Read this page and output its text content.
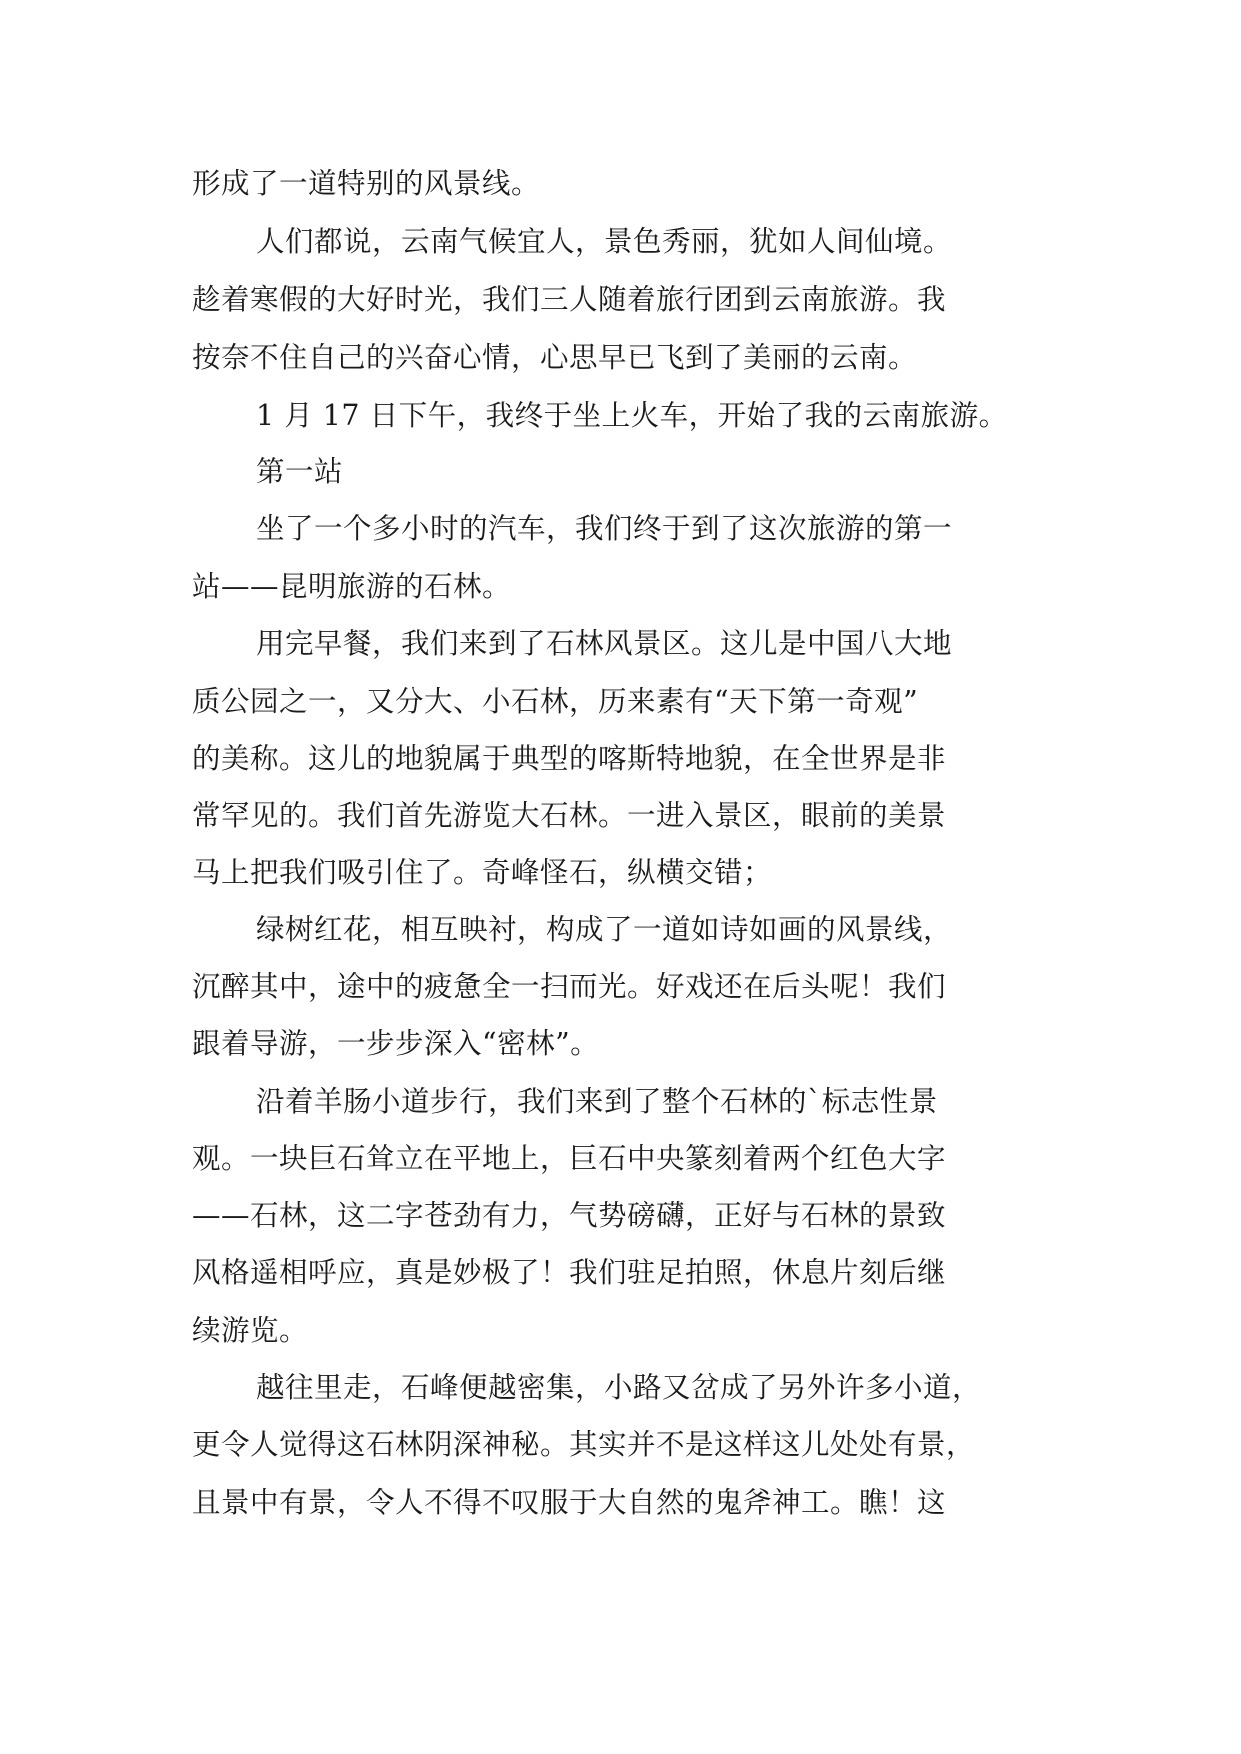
形成了一道特别的风景线。

人们都说，云南气候宜人，景色秀丽，犹如人间仙境。

趁着寒假的大好时光，我们三人随着旅行团到云南旅游。我

按奈不住自己的兴奋心情，心思早已飞到了美丽的云南。

1 月 17 日下午，我终于坐上火车，开始了我的云南旅游。

第一站

坐了一个多小时的汽车，我们终于到了这次旅游的第一

站——昆明旅游的石林。

用完早餐，我们来到了石林风景区。这儿是中国八大地

质公园之一，又分大、小石林，历来素有“天下第一奇观”

的美称。这儿的地貌属于典型的喀斯特地貌，在全世界是非

常罕见的。我们首先游览大石林。一进入景区，眼前的美景

马上把我们吸引住了。奇峰怪石，纵横交错；

绿树红花，相互映衬，构成了一道如诗如画的风景线，

沉醉其中，途中的疲惫全一扫而光。好戏还在后头呢！我们

跟着导游，一步步深入“密林”。

沿着羊肠小道步行，我们来到了整个石林的`标志性景

观。一块巨石耸立在平地上，巨石中央篆刻着两个红色大字

——石林，这二字苍劲有力，气势磅礴，正好与石林的景致

风格遥相呼应，真是妙极了！我们驻足拍照，休息片刻后继

续游览。

越往里走，石峰便越密集，小路又岔成了另外许多小道，

更令人觉得这石林阴深神秘。其实并不是这样这儿处处有景，

且景中有景，令人不得不叹服于大自然的鬼斧神工。瞧！这
